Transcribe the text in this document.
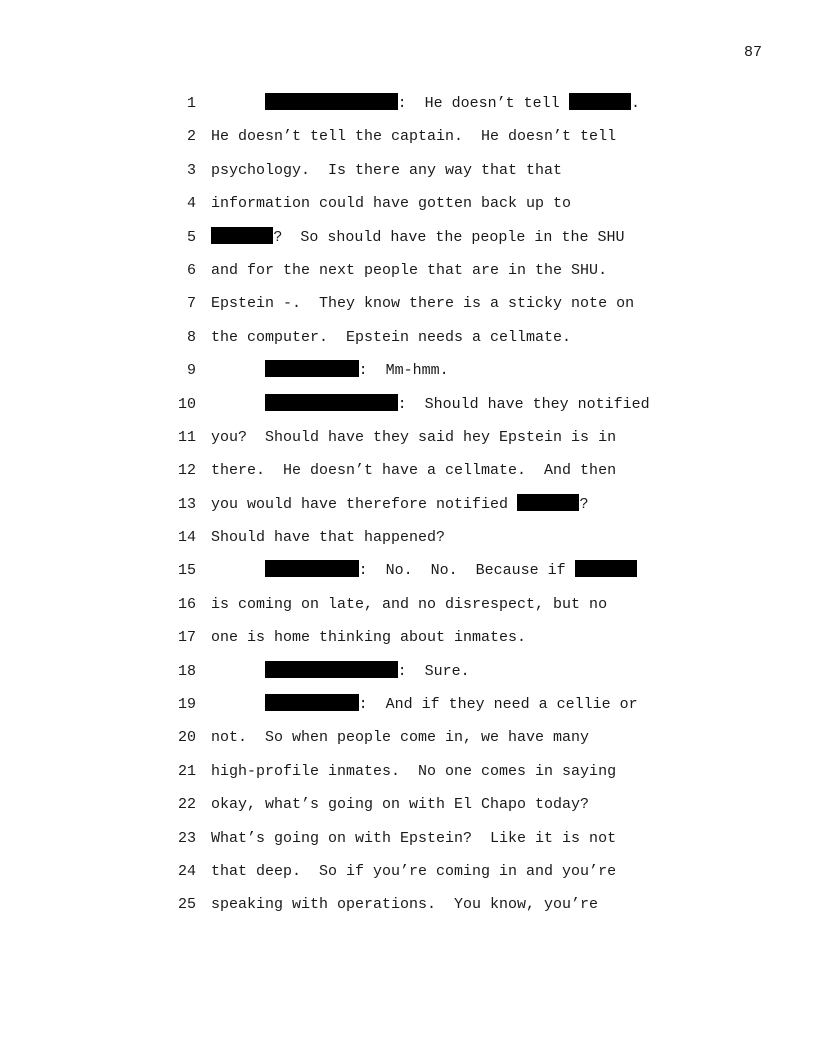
87
1	:  He doesn’t tell	.
2 He doesn’t tell the captain.  He doesn’t tell
3 psychology.  Is there any way that that
4 information could have gotten back up to
5	?  So should have the people in the SHU
6 and for the next people that are in the SHU.
7 Epstein -.  They know there is a sticky note on
8 the computer.  Epstein needs a cellmate.
9	:  Mm-hmm.
10	:  Should have they notified
11 you?  Should have they said hey Epstein is in
12 there.  He doesn’t have a cellmate.  And then
13 you would have therefore notified	?
14 Should have that happened?
15	:  No.  No.  Because if
16 is coming on late, and no disrespect, but no
17 one is home thinking about inmates.
18	:  Sure.
19	:  And if they need a cellie or
20 not.  So when people come in, we have many
21 high-profile inmates.  No one comes in saying
22 okay, what’s going on with El Chapo today?
23 What’s going on with Epstein?  Like it is not
24 that deep.  So if you’re coming in and you’re
25 speaking with operations.  You know, you’re
